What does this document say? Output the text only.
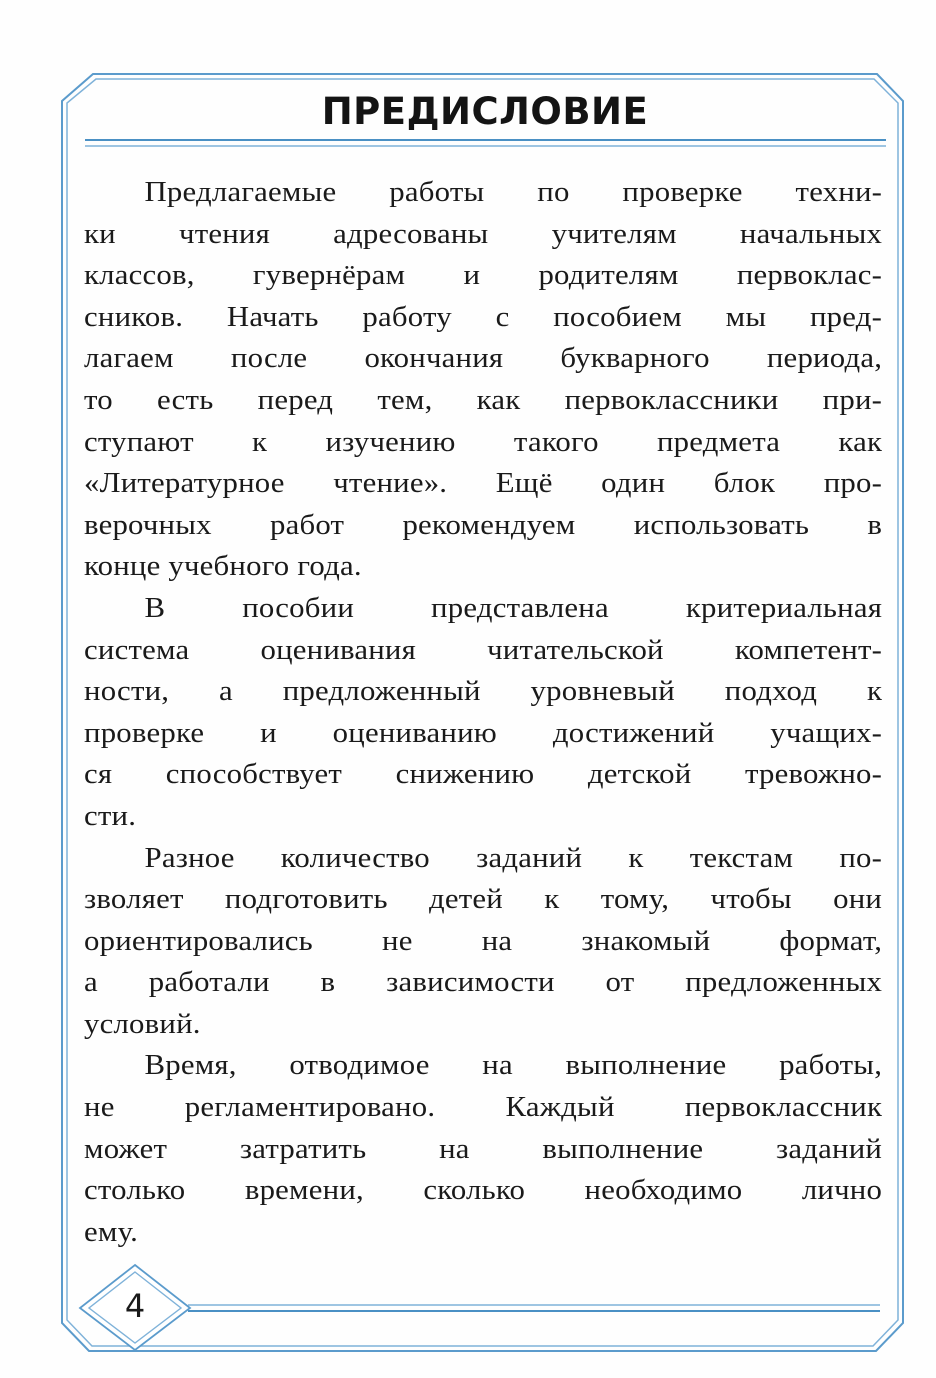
ПРЕДИСЛОВИЕ
Предлагаемые работы по проверке техни-
ки чтения адресованы учителям начальных
классов, гувернёрам и родителям первоклас-
сников. Начать работу с пособием мы пред-
лагаем после окончания букварного периода,
то есть перед тем, как первоклассники при-
ступают к изучению такого предмета как
«Литературное чтение». Ещё один блок про-
верочных работ рекомендуем использовать в
конце учебного года.
В пособии представлена критериальная
система оценивания читательской компетент-
ности, а предложенный уровневый подход к
проверке и оцениванию достижений учащих-
ся способствует снижению детской тревожно-
сти.
Разное количество заданий к текстам по-
зволяет подготовить детей к тому, чтобы они
ориентировались не на знакомый формат,
а работали в зависимости от предложенных
условий.
Время, отводимое на выполнение работы,
не регламентировано. Каждый первоклассник
может затратить на выполнение заданий
столько времени, сколько необходимо лично
ему.
4
